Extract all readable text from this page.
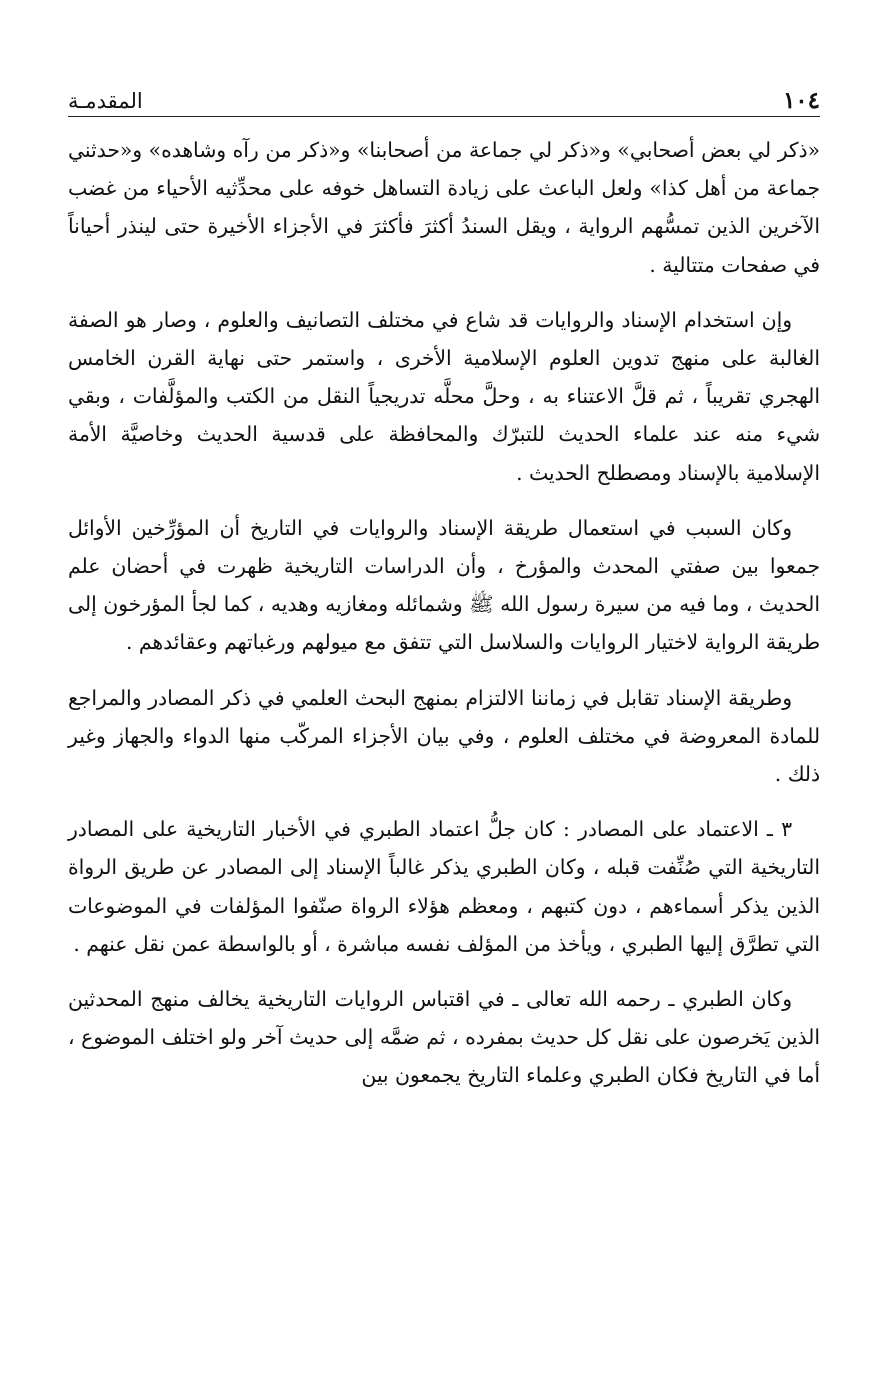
١٠٤
المقدمـة

«ذكر لي بعض أصحابي» و«ذكر لي جماعة من أصحابنا» و«ذكر من رآه وشاهده» و«حدثني جماعة من أهل كذا» ولعل الباعث على زيادة التساهل خوفه على محدِّثيه الأحياء من غضب الآخرين الذين تمسُّهم الرواية ، ويقل السندُ أكثرَ فأكثرَ في الأجزاء الأخيرة حتى لينذر أحياناً في صفحات متتالية .

وإن استخدام الإسناد والروايات قد شاع في مختلف التصانيف والعلوم ، وصار هو الصفة الغالبة على منهج تدوين العلوم الإسلامية الأخرى ، واستمر حتى نهاية القرن الخامس الهجري تقريباً ، ثم قلَّ الاعتناء به ، وحلَّ محلَّه تدريجياً النقل من الكتب والمؤلَّفات ، وبقي شيء منه عند علماء الحديث للتبرّك والمحافظة على قدسية الحديث وخاصيَّة الأمة الإسلامية بالإسناد ومصطلح الحديث .

وكان السبب في استعمال طريقة الإسناد والروايات في التاريخ أن المؤرِّخين الأوائل جمعوا بين صفتي المحدث والمؤرخ ، وأن الدراسات التاريخية ظهرت في أحضان علم الحديث ، وما فيه من سيرة رسول الله ﷺ وشمائله ومغازيه وهديه ، كما لجأ المؤرخون إلى طريقة الرواية لاختيار الروايات والسلاسل التي تتفق مع ميولهم ورغباتهم وعقائدهم .

وطريقة الإسناد تقابل في زماننا الالتزام بمنهج البحث العلمي في ذكر المصادر والمراجع للمادة المعروضة في مختلف العلوم ، وفي بيان الأجزاء المركّب منها الدواء والجهاز وغير ذلك .

٣ ـ الاعتماد على المصادر : كان جلُّ اعتماد الطبري في الأخبار التاريخية على المصادر التاريخية التي صُنِّفت قبله ، وكان الطبري يذكر غالباً الإسناد إلى المصادر عن طريق الرواة الذين يذكر أسماءهم ، دون كتبهم ، ومعظم هؤلاء الرواة صنّفوا المؤلفات في الموضوعات التي تطرَّق إليها الطبري ، ويأخذ من المؤلف نفسه مباشرة ، أو بالواسطة عمن نقل عنهم .

وكان الطبري ـ رحمه الله تعالى ـ في اقتباس الروايات التاريخية يخالف منهج المحدثين الذين يَخرصون على نقل كل حديث بمفرده ، ثم ضمَّه إلى حديث آخر ولو اختلف الموضوع ، أما في التاريخ فكان الطبري وعلماء التاريخ يجمعون بين
